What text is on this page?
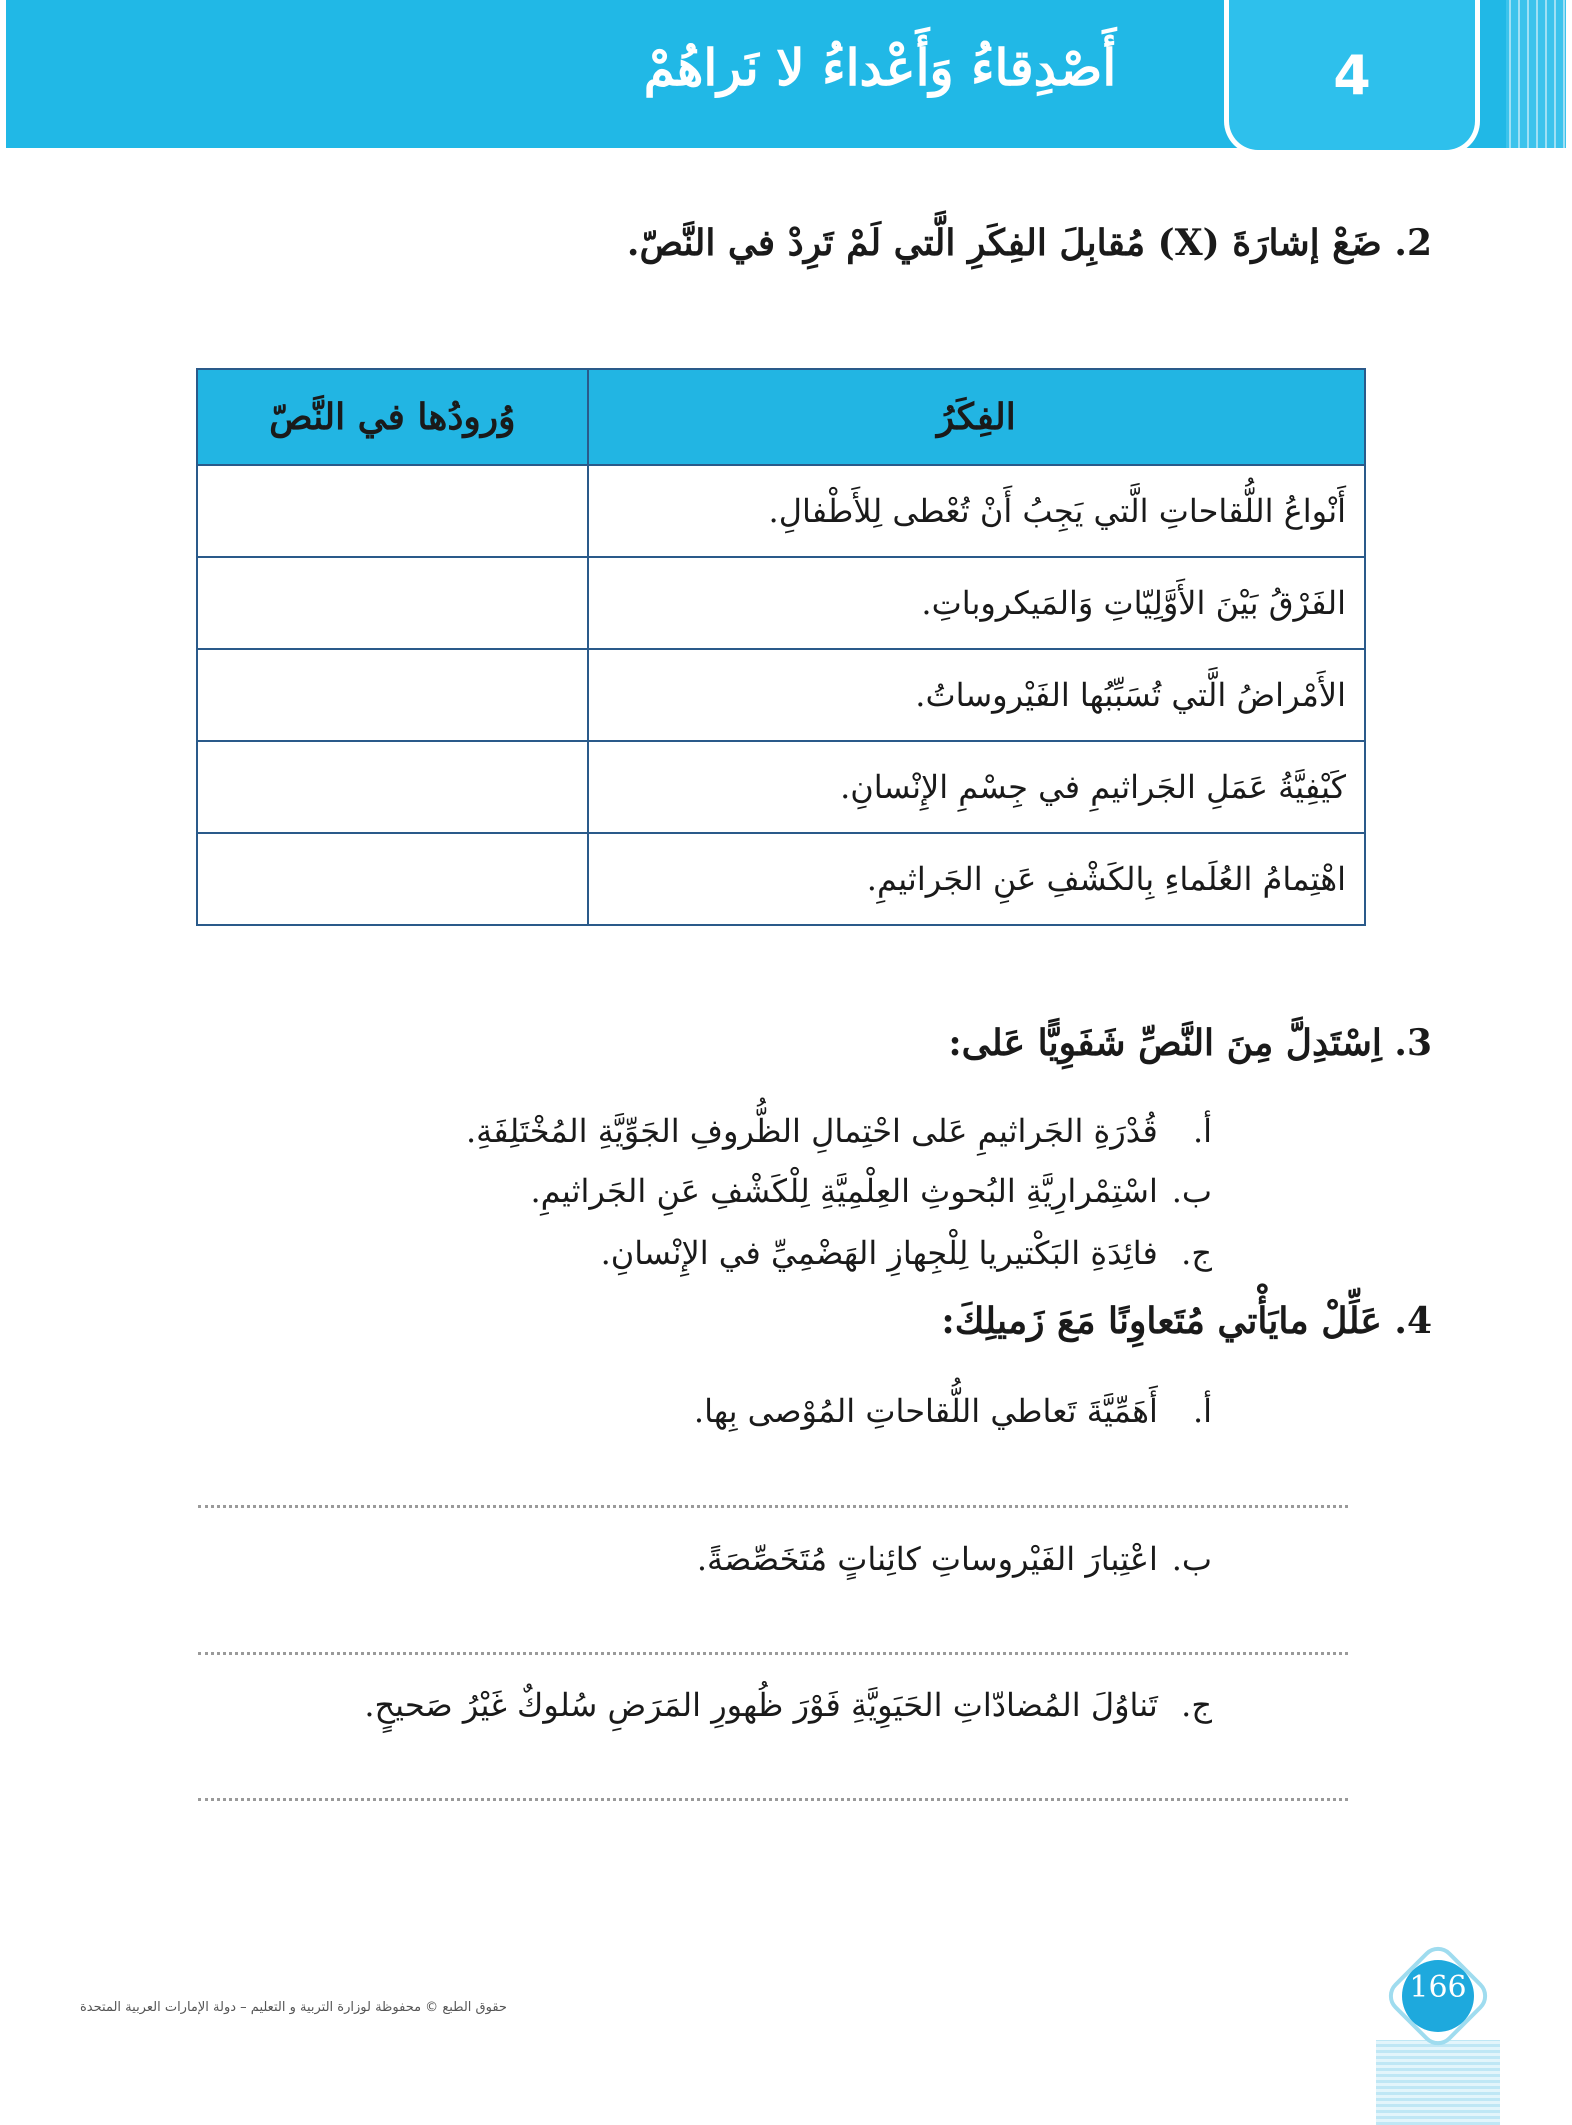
4
أَصْدِقاءُ وَأَعْداءُ لا نَراهُمْ
2. ضَعْ إشارَةَ (X) مُقابِلَ الفِكَرِ الَّتي لَمْ تَرِدْ في النَّصّ.
الفِكَرُ	وُرودُها في النَّصّ
أَنْواعُ اللُّقاحاتِ الَّتي يَجِبُ أَنْ تُعْطى لِلأَطْفالِ.	
الفَرْقُ بَيْنَ الأَوَّلِيّاتِ وَالمَيكروباتِ.	
الأَمْراضُ الَّتي تُسَبِّبُها الفَيْروساتُ.	
كَيْفِيَّةُ عَمَلِ الجَراثيمِ في جِسْمِ الإِنْسانِ.	
اهْتِمامُ العُلَماءِ بِالكَشْفِ عَنِ الجَراثيمِ.	
3. اِسْتَدِلَّ مِنَ النَّصِّ شَفَوِيًّا عَلى:
أ. قُدْرَةِ الجَراثيمِ عَلى احْتِمالِ الظُّروفِ الجَوِّيَّةِ المُخْتَلِفَةِ.
ب. اسْتِمْرارِيَّةِ البُحوثِ العِلْمِيَّةِ لِلْكَشْفِ عَنِ الجَراثيمِ.
ج. فائِدَةِ البَكْتيريا لِلْجِهازِ الهَضْمِيِّ في الإِنْسانِ.
4. عَلِّلْ مايَأْتي مُتَعاوِنًا مَعَ زَميلِكَ:
أ. أَهَمِّيَّةَ تَعاطي اللُّقاحاتِ المُوْصى بِها.
ب. اعْتِبارَ الفَيْروساتِ كائِناتٍ مُتَخَصِّصَةً.
ج. تَناوُلَ المُضادّاتِ الحَيَوِيَّةِ فَوْرَ ظُهورِ المَرَضِ سُلوكٌ غَيْرُ صَحيحٍ.
حقوق الطبع © محفوظة لوزارة التربية و التعليم – دولة الإمارات العربية المتحدة
166
